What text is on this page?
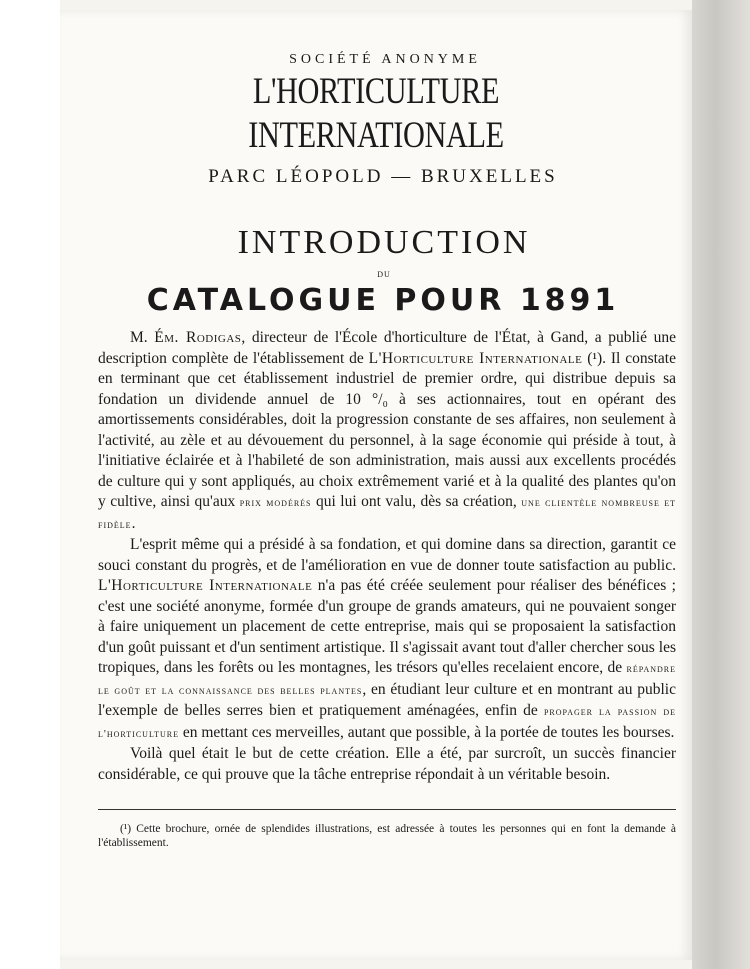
SOCIÉTÉ ANONYME
L'HORTICULTURE INTERNATIONALE
PARC LÉOPOLD — BRUXELLES
INTRODUCTION
DU
CATALOGUE POUR 1891

M. Ém. Rodigas, directeur de l'École d'horticulture de l'État, à Gand, a publié une description complète de l'établissement de L'Horticulture Internationale (¹). Il constate en terminant que cet établissement industriel de premier ordre, qui distribue depuis sa fondation un dividende annuel de 10 °/₀ à ses actionnaires, tout en opérant des amortissements considérables, doit la progression constante de ses affaires, non seulement à l'activité, au zèle et au dévouement du personnel, à la sage économie qui préside à tout, à l'initiative éclairée et à l'habileté de son administration, mais aussi aux excellents procédés de culture qui y sont appliqués, au choix extrêmement varié et à la qualité des plantes qu'on y cultive, ainsi qu'aux prix modérés qui lui ont valu, dès sa création, une clientèle nombreuse et fidèle.

L'esprit même qui a présidé à sa fondation, et qui domine dans sa direction, garantit ce souci constant du progrès, et de l'amélioration en vue de donner toute satisfaction au public. L'Horticulture Internationale n'a pas été créée seulement pour réaliser des bénéfices ; c'est une société anonyme, formée d'un groupe de grands amateurs, qui ne pouvaient songer à faire uniquement un placement de cette entreprise, mais qui se proposaient la satisfaction d'un goût puissant et d'un sentiment artistique. Il s'agissait avant tout d'aller chercher sous les tropiques, dans les forêts ou les montagnes, les trésors qu'elles recelaient encore, de répandre le goût et la connaissance des belles plantes, en étudiant leur culture et en montrant au public l'exemple de belles serres bien et pratiquement aménagées, enfin de propager la passion de l'horticulture en mettant ces merveilles, autant que possible, à la portée de toutes les bourses.

Voilà quel était le but de cette création. Elle a été, par surcroît, un succès financier considérable, ce qui prouve que la tâche entreprise répondait à un véritable besoin.

(¹) Cette brochure, ornée de splendides illustrations, est adressée à toutes les personnes qui en font la demande à l'établissement.
